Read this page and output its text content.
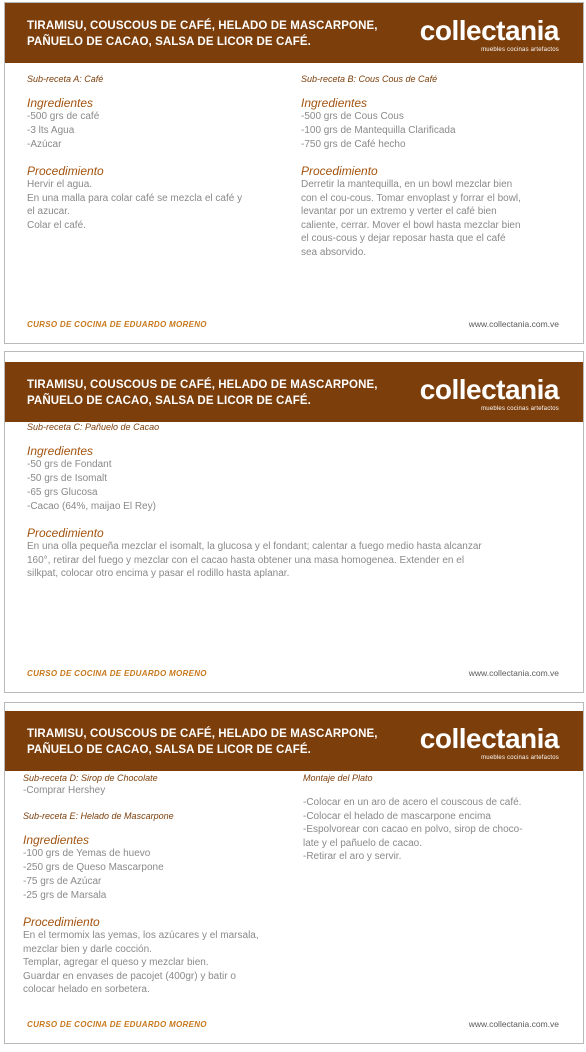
TIRAMISU, COUSCOUS DE CAFÉ, HELADO DE MASCARPONE,
PAÑUELO DE CACAO, SALSA DE LICOR DE CAFÉ.	collectania
muebles cocinas artefactos
Sub-receta A: Café
Ingredientes
-500 grs de café
-3 lts Agua
-Azúcar
Procedimiento
Hervir el agua.
En una malla para colar café se mezcla el café y
el azucar.
Colar el café.
Sub-receta B: Cous Cous de Café
Ingredientes
-500 grs de Cous Cous
-100 grs de Mantequilla Clarificada
-750 grs de Café hecho
Procedimiento
Derretir la mantequilla, en un bowl mezclar bien
con el cou-cous. Tomar envoplast y forrar el bowl,
levantar por un extremo y verter el café bien
caliente, cerrar. Mover el bowl hasta mezclar bien
el cous-cous y dejar reposar hasta que el café
sea absorvido.
CURSO DE COCINA DE EDUARDO MORENO	www.collectania.com.ve
TIRAMISU, COUSCOUS DE CAFÉ, HELADO DE MASCARPONE,
PAÑUELO DE CACAO, SALSA DE LICOR DE CAFÉ.	collectania
muebles cocinas artefactos
Sub-receta C: Pañuelo de Cacao
Ingredientes
-50 grs de Fondant
-50 grs de Isomalt
-65 grs Glucosa
-Cacao (64%, maijao El Rey)
Procedimiento
En una olla pequeña mezclar el isomalt, la glucosa y el fondant; calentar a fuego medio hasta alcanzar
160°, retirar del fuego y mezclar con el cacao hasta obtener una masa homogenea. Extender en el
silkpat, colocar otro encima y pasar el rodillo hasta aplanar.
CURSO DE COCINA DE EDUARDO MORENO	www.collectania.com.ve
TIRAMISU, COUSCOUS DE CAFÉ, HELADO DE MASCARPONE,
PAÑUELO DE CACAO, SALSA DE LICOR DE CAFÉ.	collectania
muebles cocinas artefactos
Sub-receta D: Sirop de Chocolate
-Comprar Hershey
Sub-receta E: Helado de Mascarpone
Ingredientes
-100 grs de Yemas de huevo
-250 grs de Queso Mascarpone
-75 grs de Azúcar
-25 grs de Marsala
Procedimiento
En el termomix las yemas, los azúcares y el marsala,
mezclar bien y darle cocción.
Templar, agregar el queso y mezclar bien.
Guardar en envases de pacojet (400gr) y batir o
colocar helado en sorbetera.
Montaje del Plato
-Colocar en un aro de acero el couscous de café.
-Colocar el helado de mascarpone encima
-Espolvorear con cacao en polvo, sirop de choco-
late y el pañuelo de cacao.
-Retirar el aro y servir.
CURSO DE COCINA DE EDUARDO MORENO	www.collectania.com.ve
